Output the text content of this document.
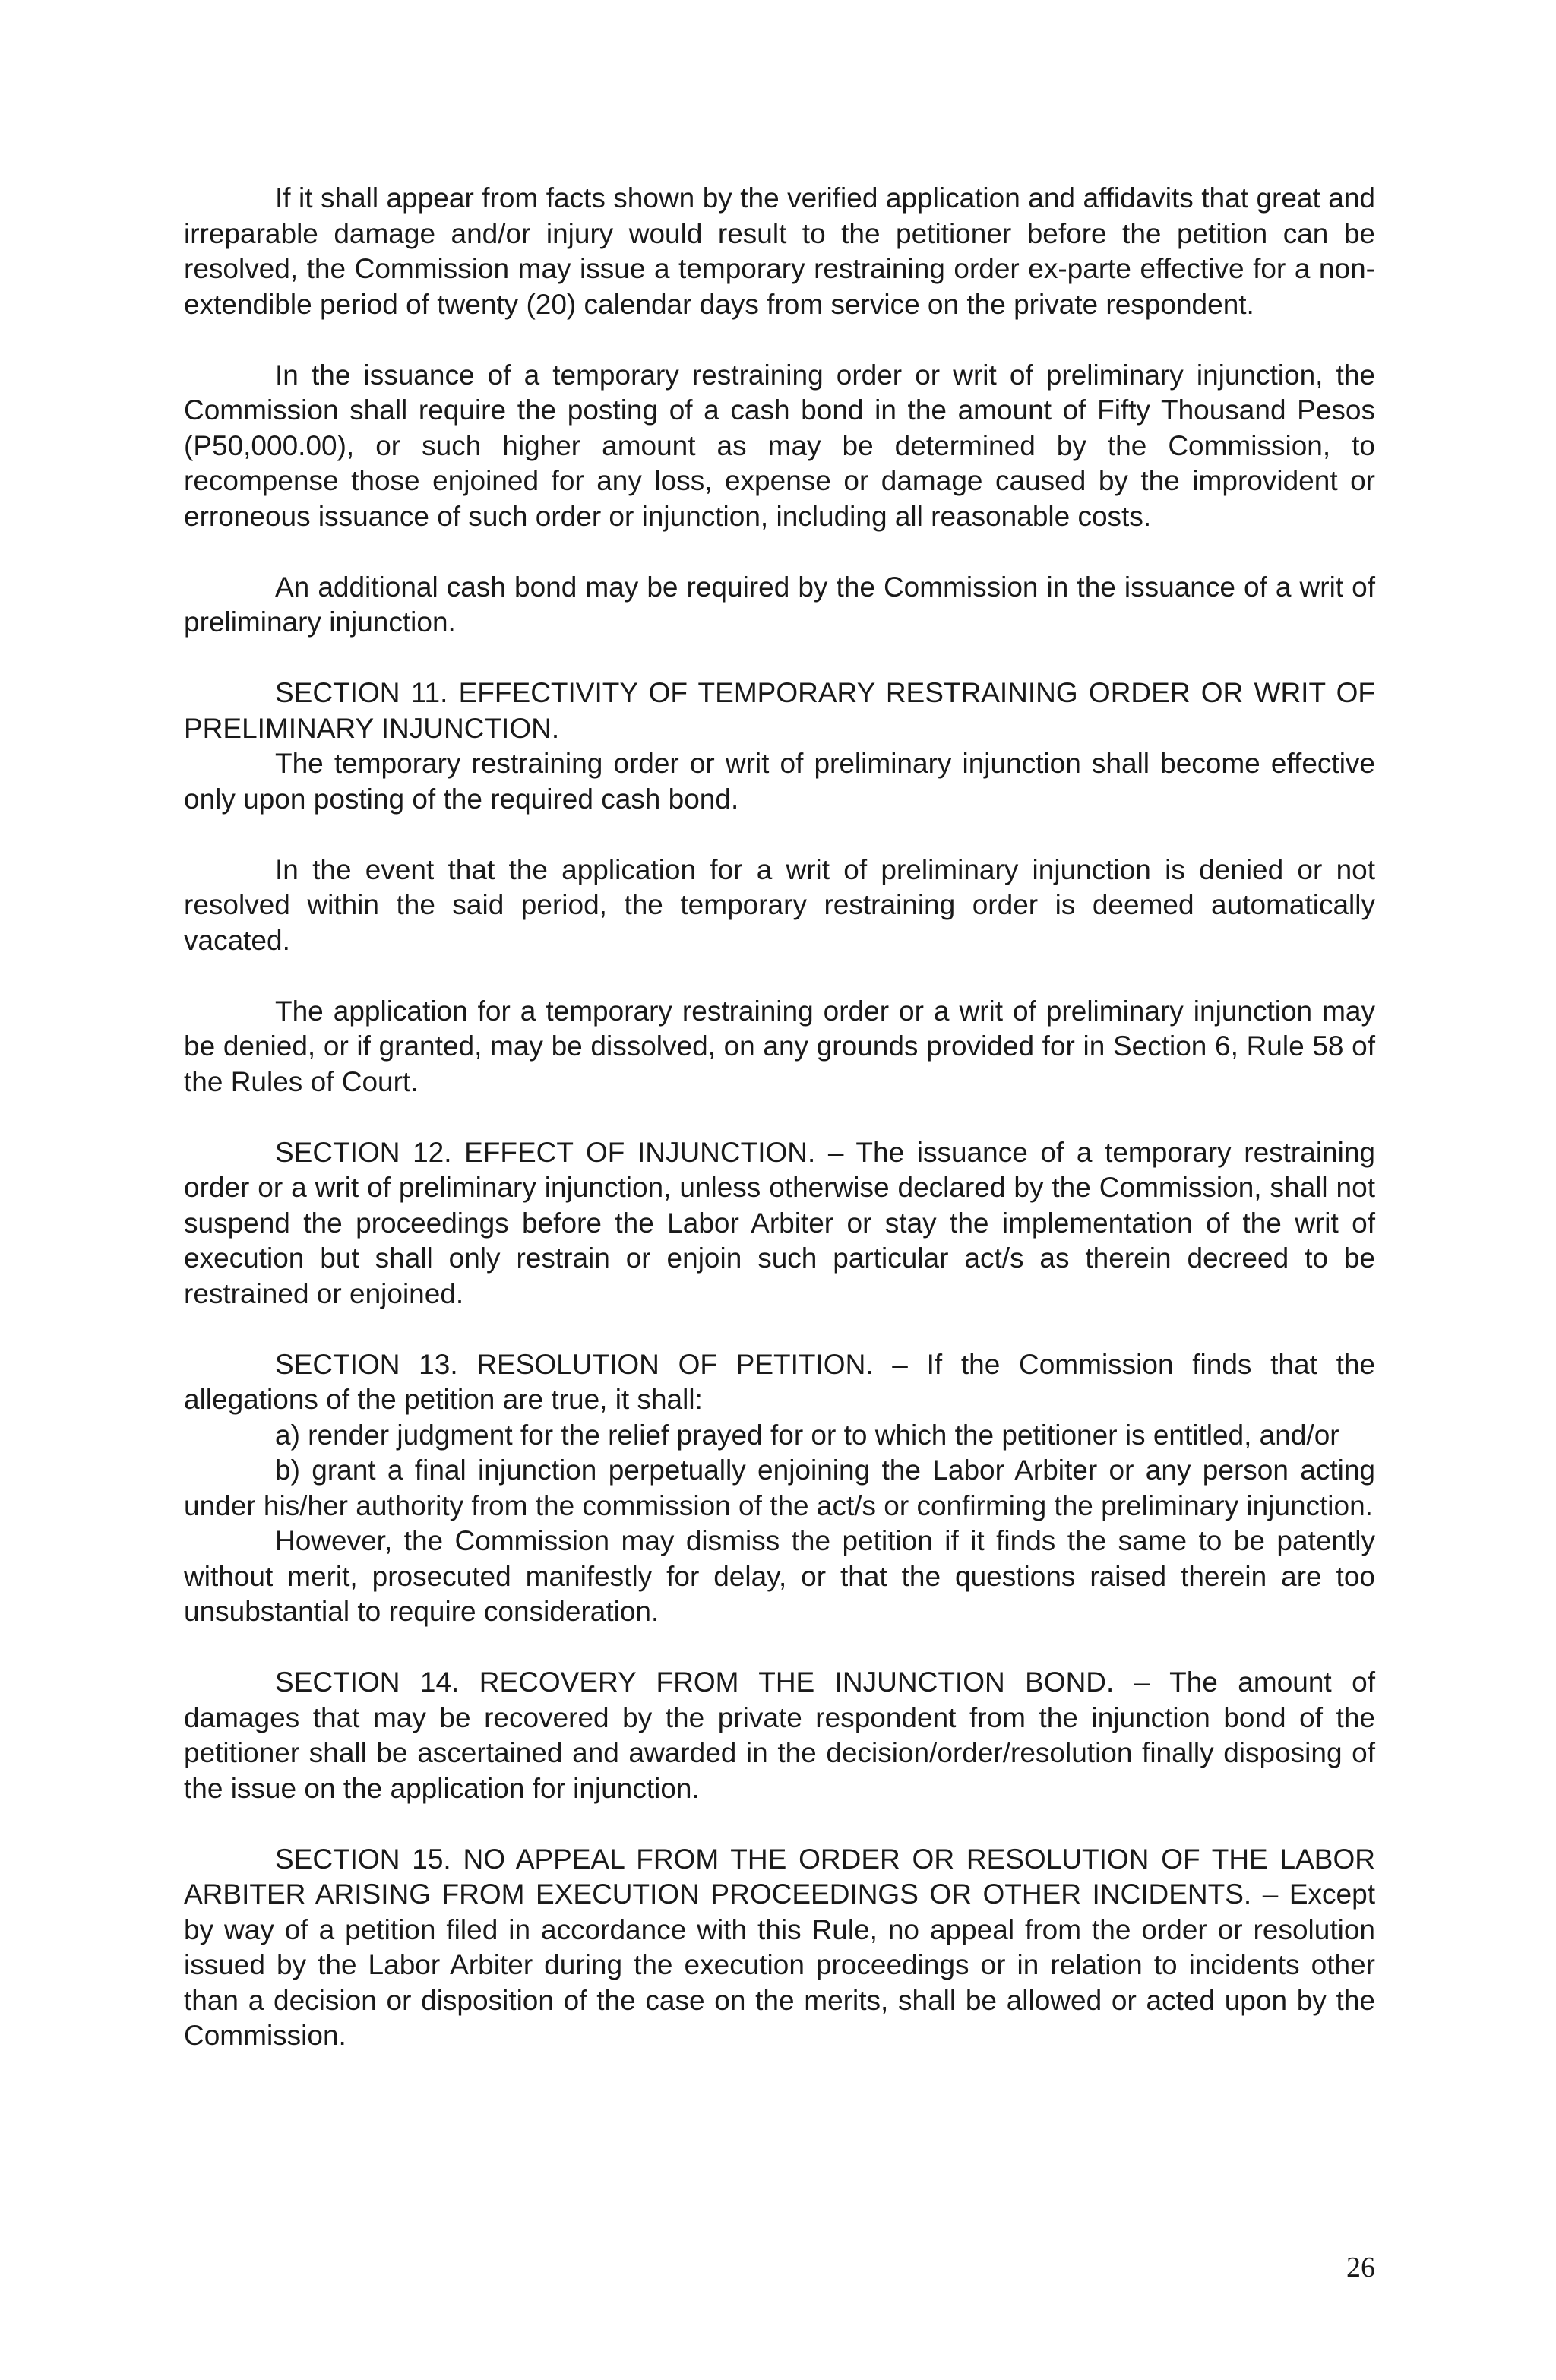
If it shall appear from facts shown by the verified application and affidavits that great and irreparable damage and/or injury would result to the petitioner before the petition can be resolved, the Commission may issue a temporary restraining order ex-parte effective for a non-extendible period of twenty (20) calendar days from service on the private respondent.

In the issuance of a temporary restraining order or writ of preliminary injunction, the Commission shall require the posting of a cash bond in the amount of Fifty Thousand Pesos (P50,000.00), or such higher amount as may be determined by the Commission, to recompense those enjoined for any loss, expense or damage caused by the improvident or erroneous issuance of such order or injunction, including all reasonable costs.

An additional cash bond may be required by the Commission in the issuance of a writ of preliminary injunction.

SECTION 11. EFFECTIVITY OF TEMPORARY RESTRAINING ORDER OR WRIT OF PRELIMINARY INJUNCTION.

The temporary restraining order or writ of preliminary injunction shall become effective only upon posting of the required cash bond.

In the event that the application for a writ of preliminary injunction is denied or not resolved within the said period, the temporary restraining order is deemed automatically vacated.

The application for a temporary restraining order or a writ of preliminary injunction may be denied, or if granted, may be dissolved, on any grounds provided for in Section 6, Rule 58 of the Rules of Court.

SECTION 12. EFFECT OF INJUNCTION. – The issuance of a temporary restraining order or a writ of preliminary injunction, unless otherwise declared by the Commission, shall not suspend the proceedings before the Labor Arbiter or stay the implementation of the writ of execution but shall only restrain or enjoin such particular act/s as therein decreed to be restrained or enjoined.

SECTION 13. RESOLUTION OF PETITION. – If the Commission finds that the allegations of the petition are true, it shall:

a) render judgment for the relief prayed for or to which the petitioner is entitled, and/or

b) grant a final injunction perpetually enjoining the Labor Arbiter or any person acting under his/her authority from the commission of the act/s or confirming the preliminary injunction.

However, the Commission may dismiss the petition if it finds the same to be patently without merit, prosecuted manifestly for delay, or that the questions raised therein are too unsubstantial to require consideration.

SECTION 14. RECOVERY FROM THE INJUNCTION BOND. – The amount of damages that may be recovered by the private respondent from the injunction bond of the petitioner shall be ascertained and awarded in the decision/order/resolution finally disposing of the issue on the application for injunction.

SECTION 15. NO APPEAL FROM THE ORDER OR RESOLUTION OF THE LABOR ARBITER ARISING FROM EXECUTION PROCEEDINGS OR OTHER INCIDENTS. – Except by way of a petition filed in accordance with this Rule, no appeal from the order or resolution issued by the Labor Arbiter during the execution proceedings or in relation to incidents other than a decision or disposition of the case on the merits, shall be allowed or acted upon by the Commission.

26
